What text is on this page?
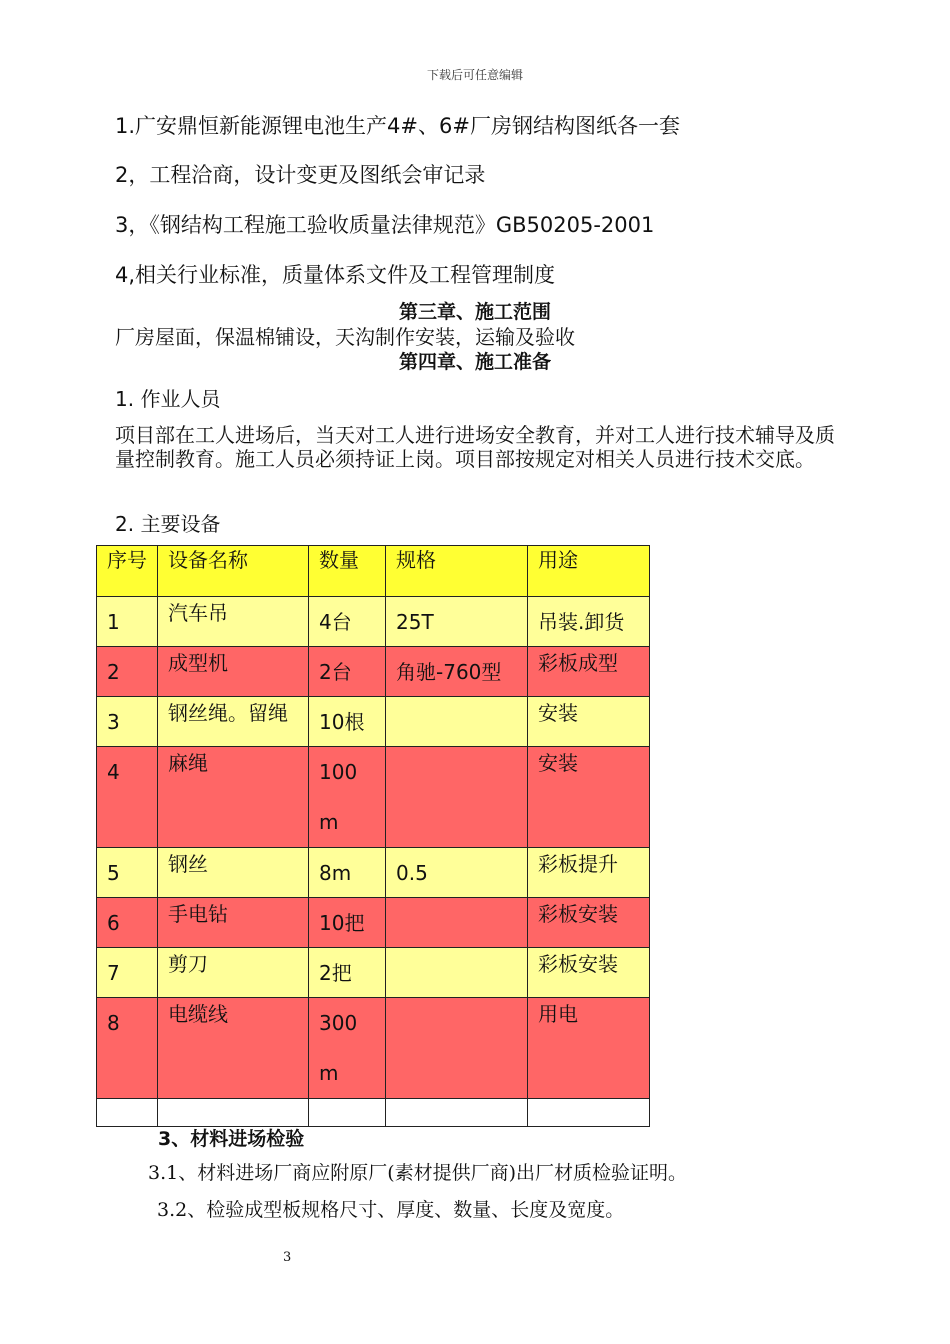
下载后可任意编辑
1.广安鼎恒新能源锂电池生产4#、6#厂房钢结构图纸各一套
2，工程洽商，设计变更及图纸会审记录
3，《钢结构工程施工验收质量法律规范》GB50205-2001
4,相关行业标准，质量体系文件及工程管理制度
第三章、施工范围
厂房屋面，保温棉铺设，天沟制作安装，运输及验收
第四章、施工准备
1. 作业人员
项目部在工人进场后，当天对工人进行进场安全教育，并对工人进行技术辅导及质量控制教育。施工人员必须持证上岗。项目部按规定对相关人员进行技术交底。
2. 主要设备
序号	设备名称	数量	规格	用途

1	汽车吊	4台	25T	吊装.卸货

2	成型机	2台	角驰-760型	彩板成型

3	钢丝绳。留绳	10根		安装

4	麻绳	100m		安装

5	钢丝	8m	0.5	彩板提升

6	手电钻	10把		彩板安装

7	剪刀	2把		彩板安装

8	电缆线	300m		用电

3、材料进场检验
3.1、材料进场厂商应附原厂(素材提供厂商)出厂材质检验证明。
3.2、检验成型板规格尺寸、厚度、数量、长度及宽度。
3
